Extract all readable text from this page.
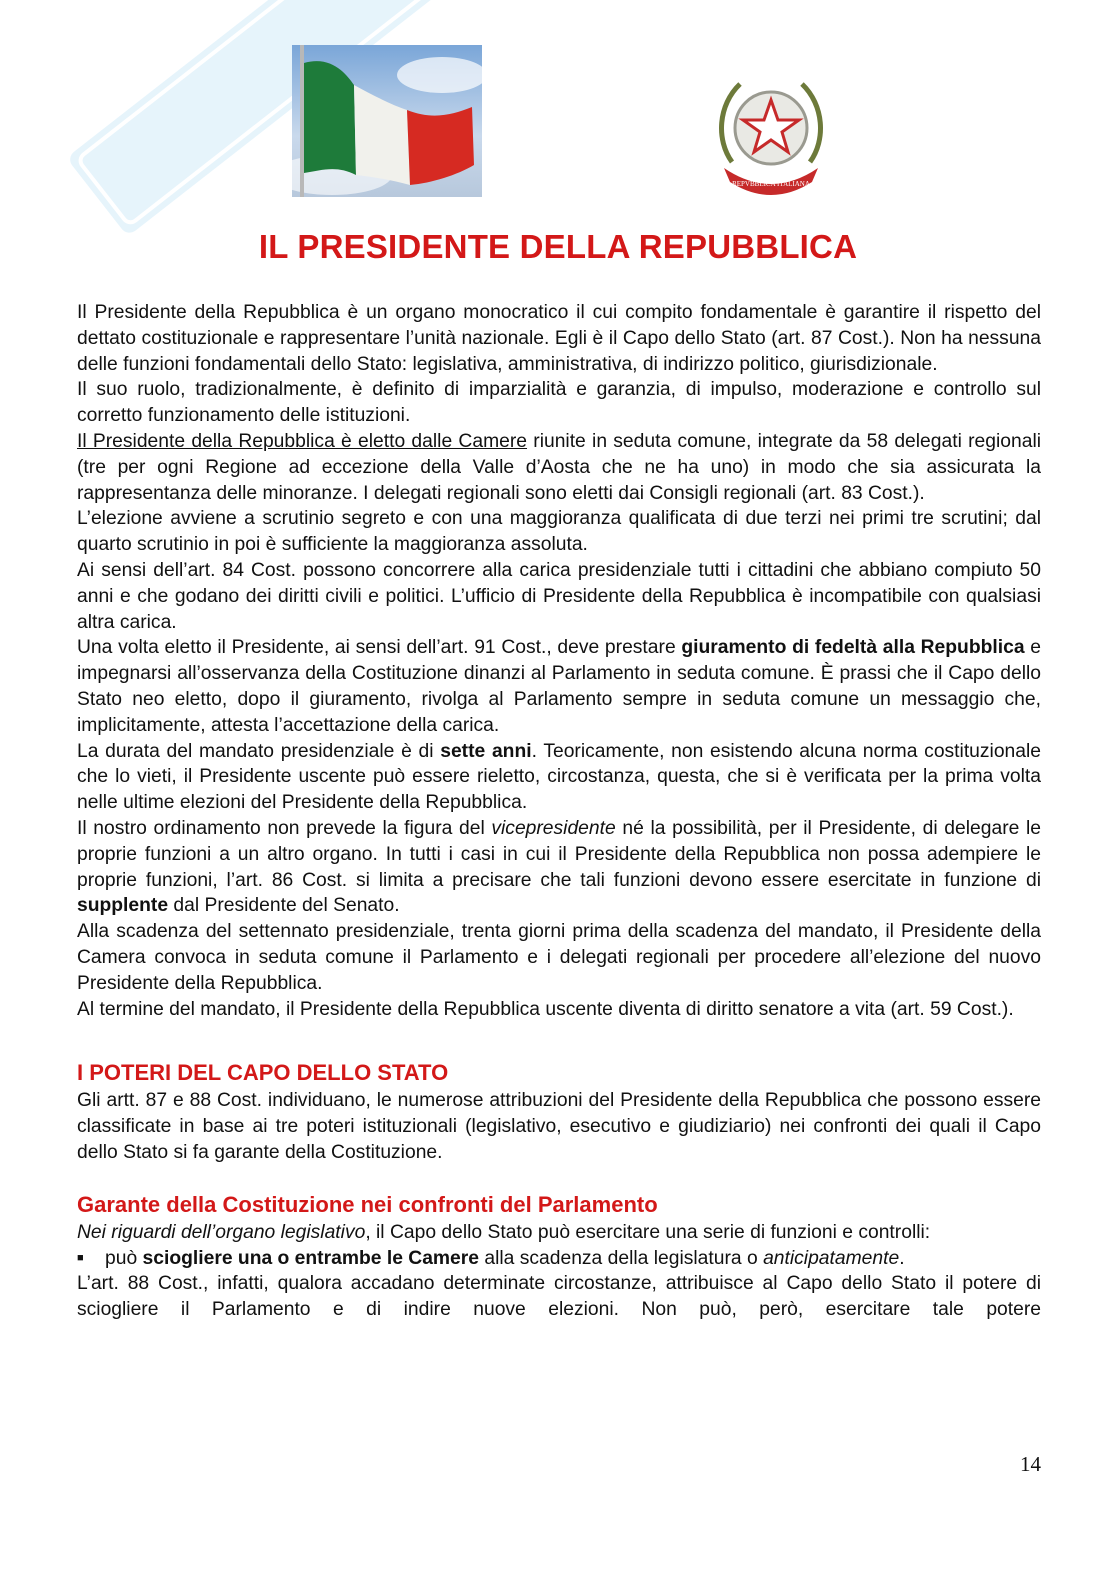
REPVBBLICA ITALIANA
IL PRESIDENTE DELLA REPUBBLICA

Il Presidente della Repubblica è un organo monocratico il cui compito fondamentale è garantire il rispetto del dettato costituzionale e rappresentare l’unità nazionale. Egli è il Capo dello Stato (art. 87 Cost.). Non ha nessuna delle funzioni fondamentali dello Stato: legislativa, amministrativa, di indirizzo politico, giurisdizionale.

Il suo ruolo, tradizionalmente, è definito di imparzialità e garanzia, di impulso, moderazione e controllo sul corretto funzionamento delle istituzioni.

Il Presidente della Repubblica è eletto dalle Camere riunite in seduta comune, integrate da 58 delegati regionali (tre per ogni Regione ad eccezione della Valle d’Aosta che ne ha uno) in modo che sia assicurata la rappresentanza delle minoranze. I delegati regionali sono eletti dai Consigli regionali (art. 83 Cost.).

L’elezione avviene a scrutinio segreto e con una maggioranza qualificata di due terzi nei primi tre scrutini; dal quarto scrutinio in poi è sufficiente la maggioranza assoluta.

Ai sensi dell’art. 84 Cost. possono concorrere alla carica presidenziale tutti i cittadini che abbiano compiuto 50 anni e che godano dei diritti civili e politici. L’ufficio di Presidente della Repubblica è incompatibile con qualsiasi altra carica.

Una volta eletto il Presidente, ai sensi dell’art. 91 Cost., deve prestare giuramento di fedeltà alla Repubblica e impegnarsi all’osservanza della Costituzione dinanzi al Parlamento in seduta comune. È prassi che il Capo dello Stato neo eletto, dopo il giuramento, rivolga al Parlamento sempre in seduta comune un messaggio che, implicitamente, attesta l’accettazione della carica.

La durata del mandato presidenziale è di sette anni. Teoricamente, non esistendo alcuna norma costituzionale che lo vieti, il Presidente uscente può essere rieletto, circostanza, questa, che si è verificata per la prima volta nelle ultime elezioni del Presidente della Repubblica.

Il nostro ordinamento non prevede la figura del vicepresidente né la possibilità, per il Presidente, di delegare le proprie funzioni a un altro organo. In tutti i casi in cui il Presidente della Repubblica non possa adempiere le proprie funzioni, l’art. 86 Cost. si limita a precisare che tali funzioni devono essere esercitate in funzione di supplente dal Presidente del Senato.

Alla scadenza del settennato presidenziale, trenta giorni prima della scadenza del mandato, il Presidente della Camera convoca in seduta comune il Parlamento e i delegati regionali per procedere all’elezione del nuovo Presidente della Repubblica.

Al termine del mandato, il Presidente della Repubblica uscente diventa di diritto senatore a vita (art. 59 Cost.).

I POTERI DEL CAPO DELLO STATO

Gli artt. 87 e 88 Cost. individuano, le numerose attribuzioni del Presidente della Repubblica che possono essere classificate in base ai tre poteri istituzionali (legislativo, esecutivo e giudiziario) nei confronti dei quali il Capo dello Stato si fa garante della Costituzione.

Garante della Costituzione nei confronti del Parlamento

Nei riguardi dell’organo legislativo, il Capo dello Stato può esercitare una serie di funzioni e controlli:

■	può sciogliere una o entrambe le Camere alla scadenza della legislatura o anticipatamente.

L’art. 88 Cost., infatti, qualora accadano determinate circostanze, attribuisce al Capo dello Stato il potere di sciogliere il Parlamento e di indire nuove elezioni. Non può, però, esercitare tale potere

14
